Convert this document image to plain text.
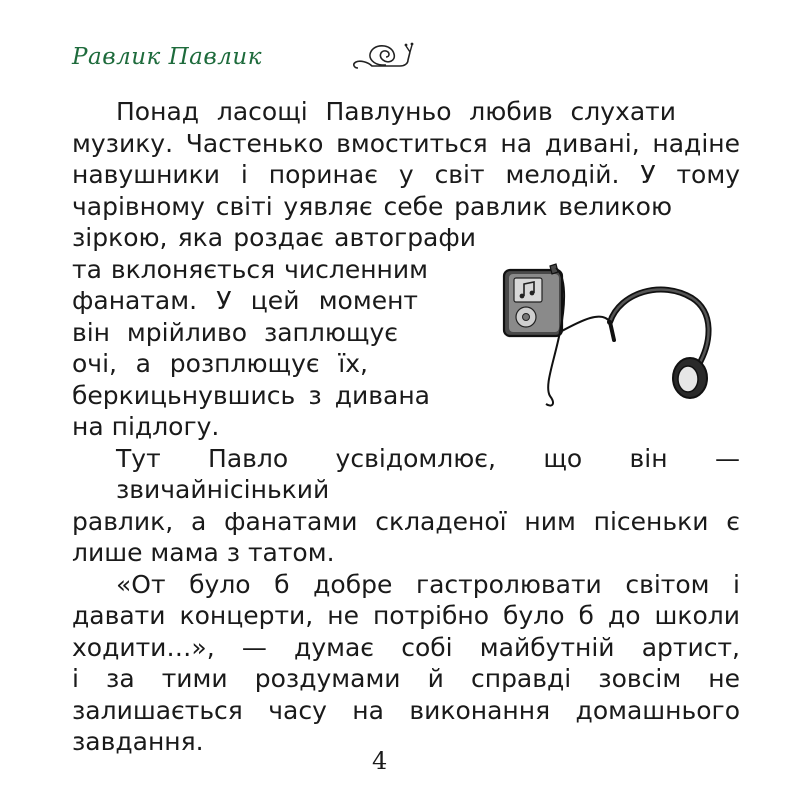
Равлик Павлик

Понад ласощі Павлуньо любив слухати
музику. Частенько вмоститься на дивані, надіне
навушники і поринає у світ мелодій. У тому
чарівному світі уявляє себе равлик великою
зіркою, яка роздає автографи
та вклоняється численним
фанатам. У цей момент
він мрійливо заплющує
очі, а розплющує їх,
беркицьнувшись з дивана
на підлогу.

Тут Павло усвідомлює, що він — звичайнісінький
равлик, а фанатами складеної ним пісеньки є
лише мама з татом.

«От було б добре гастролювати світом і
давати концерти, не потрібно було б до школи
ходити…», — думає собі майбутній артист,
і за тими роздумами й справді зовсім не
залишається часу на виконання домашнього
завдання.

4
